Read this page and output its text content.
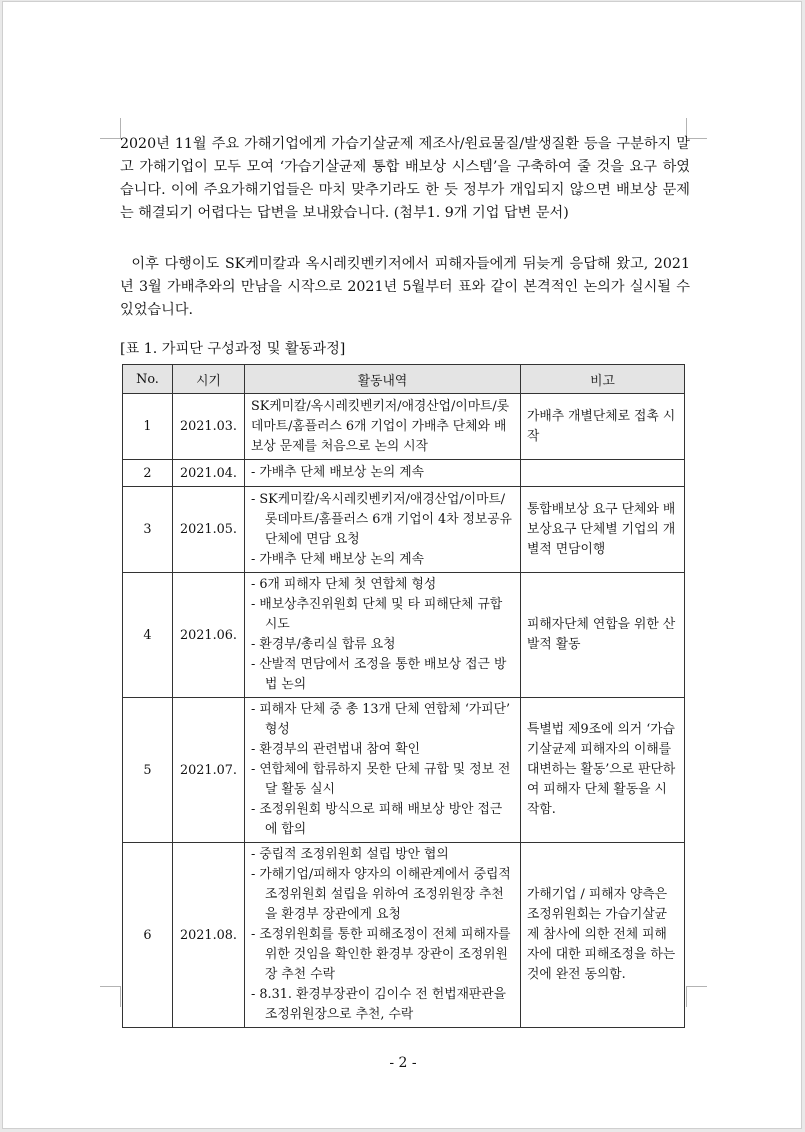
2020년 11월 주요 가해기업에게 가습기살균제 제조사/원료물질/발생질환 등을 구분하지 말고 가해기업이 모두 모여 ‘가습기살균제 통합 배보상 시스템’을 구축하여 줄 것을 요구 하였습니다. 이에 주요가해기업들은 마치 맞추기라도 한 듯 정부가 개입되지 않으면 배보상 문제는 해결되기 어렵다는 답변을 보내왔습니다. (첨부1. 9개 기업 답변 문서)

이후 다행이도 SK케미칼과 옥시레킷벤키저에서 피해자들에게 뒤늦게 응답해 왔고, 2021년 3월 가배추와의 만남을 시작으로 2021년 5월부터 표와 같이 본격적인 논의가 실시될 수 있었습니다.

[표 1. 가피단 구성과정 및 활동과정]

No.	시기	활동내역	비고
1	2021.03.	SK케미칼/옥시레킷벤키저/애경산업/이마트/롯데마트/홈플러스 6개 기업이 가배추 단체와 배보상 문제를 처음으로 논의 시작	가배추 개별단체로 접촉 시작
2	2021.04.	- 가배추 단체 배보상 논의 계속	

3	2021.05.	- SK케미칼/옥시레킷벤키저/애경산업/이마트/롯데마트/홈플러스 6개 기업이 4차 정보공유 단체에 면담 요청
- 가배추 단체 배보상 논의 계속	통합배보상 요구 단체와 배보상요구 단체별 기업의 개별적 면담이행
4	2021.06.	- 6개 피해자 단체 첫 연합체 형성
- 배보상추진위원회 단체 및 타 피해단체 규합 시도
- 환경부/총리실 합류 요청
- 산발적 면담에서 조정을 통한 배보상 접근 방법 논의	피해자단체 연합을 위한 산발적 활동
5	2021.07.	- 피해자 단체 중 총 13개 단체 연합체 ‘가피단’ 형성
- 환경부의 관련법내 참여 확인
- 연합체에 합류하지 못한 단체 규합 및 정보 전달 활동 실시
- 조정위원회 방식으로 피해 배보상 방안 접근에 합의	특별법 제9조에 의거 ‘가습기살균제 피해자의 이해를 대변하는 활동’으로 판단하여 피해자 단체 활동을 시작함.
6	2021.08.	- 중립적 조정위원회 설립 방안 협의
- 가해기업/피해자 양자의 이해관계에서 중립적 조정위원회 설립을 위하여 조정위원장 추천을 환경부 장관에게 요청
- 조정위원회를 통한 피해조정이 전체 피해자를 위한 것임을 확인한 환경부 장관이 조정위원장 추천 수락
- 8.31. 환경부장관이 김이수 전 헌법재판관을 조정위원장으로 추천, 수락	가해기업 / 피해자 양측은 조정위원회는 가습기살균제 참사에 의한 전체 피해자에 대한 피해조정을 하는 것에 완전 동의함.

- 2 -
